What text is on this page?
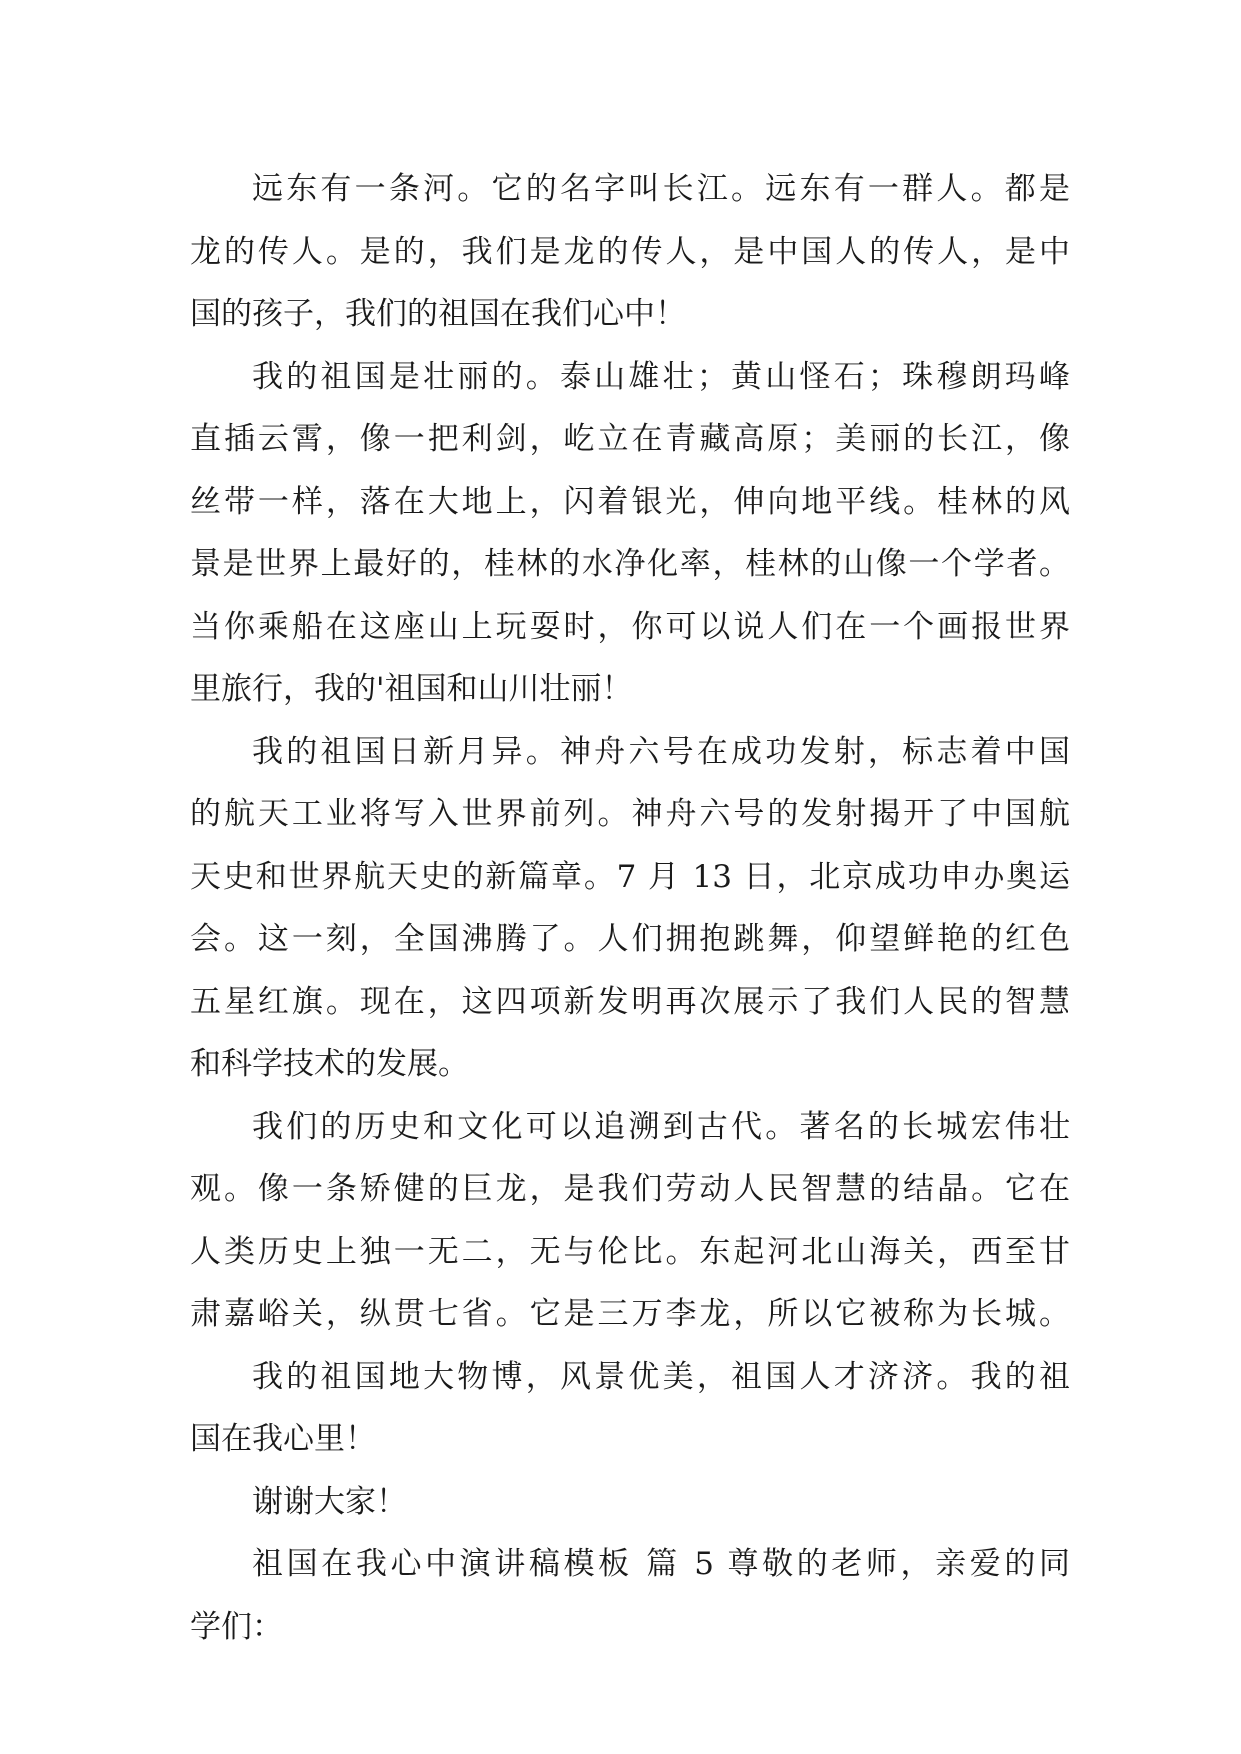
远东有一条河。它的名字叫长江。远东有一群人。都是
龙的传人。是的，我们是龙的传人，是中国人的传人，是中
国的孩子，我们的祖国在我们心中！
我的祖国是壮丽的。泰山雄壮；黄山怪石；珠穆朗玛峰
直插云霄，像一把利剑，屹立在青藏高原；美丽的长江，像
丝带一样，落在大地上，闪着银光，伸向地平线。桂林的风
景是世界上最好的，桂林的水净化率，桂林的山像一个学者。
当你乘船在这座山上玩耍时，你可以说人们在一个画报世界
里旅行，我的'祖国和山川壮丽！
我的祖国日新月异。神舟六号在成功发射，标志着中国
的航天工业将写入世界前列。神舟六号的发射揭开了中国航
天史和世界航天史的新篇章。7 月 13 日，北京成功申办奥运
会。这一刻，全国沸腾了。人们拥抱跳舞，仰望鲜艳的红色
五星红旗。现在，这四项新发明再次展示了我们人民的智慧
和科学技术的发展。
我们的历史和文化可以追溯到古代。著名的长城宏伟壮
观。像一条矫健的巨龙，是我们劳动人民智慧的结晶。它在
人类历史上独一无二，无与伦比。东起河北山海关，西至甘
肃嘉峪关，纵贯七省。它是三万李龙，所以它被称为长城。
我的祖国地大物博，风景优美，祖国人才济济。我的祖
国在我心里！
谢谢大家！
祖国在我心中演讲稿模板 篇 5 尊敬的老师，亲爱的同
学们：
